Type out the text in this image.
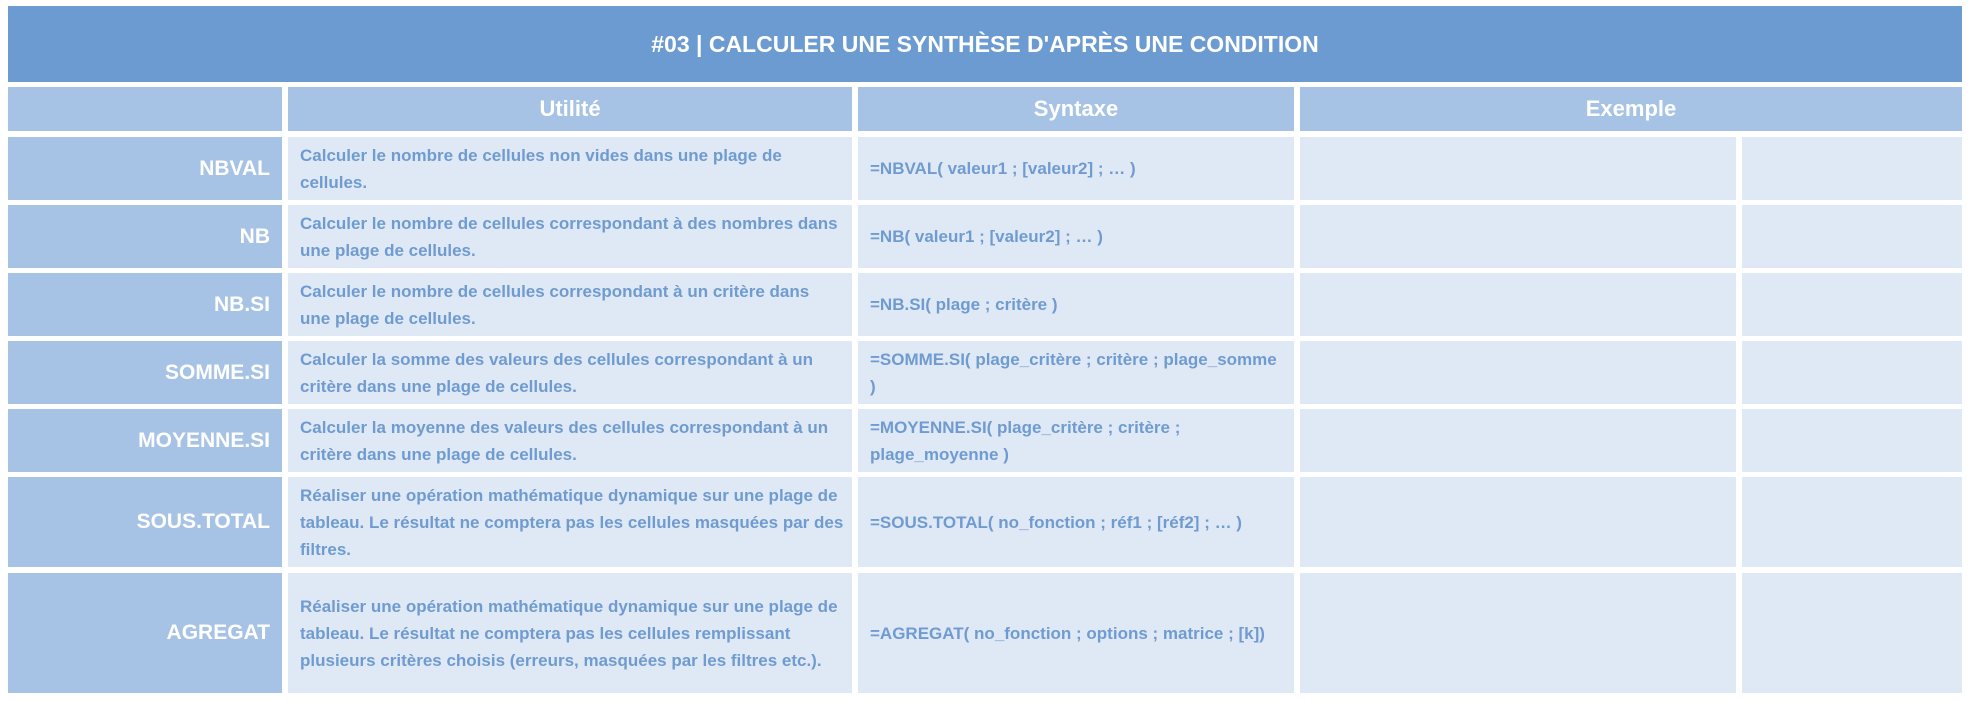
#03 | CALCULER UNE SYNTHÈSE D'APRÈS UNE CONDITION
Utilité	Syntaxe	Exemple
NBVAL
Calculer le nombre de cellules non vides dans une plage de cellules.
=NBVAL( valeur1 ; [valeur2] ; … )
NB
Calculer le nombre de cellules correspondant à des nombres dans une plage de cellules.
=NB( valeur1 ; [valeur2] ; … )
NB.SI
Calculer le nombre de cellules correspondant à un critère dans une plage de cellules.
=NB.SI( plage ; critère )
SOMME.SI
Calculer la somme des valeurs des cellules correspondant à un critère dans une plage de cellules.
=SOMME.SI( plage_critère ; critère ; plage_somme )
MOYENNE.SI
Calculer la moyenne des valeurs des cellules correspondant à un critère dans une plage de cellules.
=MOYENNE.SI( plage_critère ; critère ; plage_moyenne )
SOUS.TOTAL
Réaliser une opération mathématique dynamique sur une plage de tableau. Le résultat ne comptera pas les cellules masquées par des filtres.
=SOUS.TOTAL( no_fonction ; réf1 ; [réf2] ; … )
AGREGAT
Réaliser une opération mathématique dynamique sur une plage de tableau. Le résultat ne comptera pas les cellules remplissant plusieurs critères choisis (erreurs, masquées par les filtres etc.).
=AGREGAT( no_fonction ; options ; matrice ; [k])
